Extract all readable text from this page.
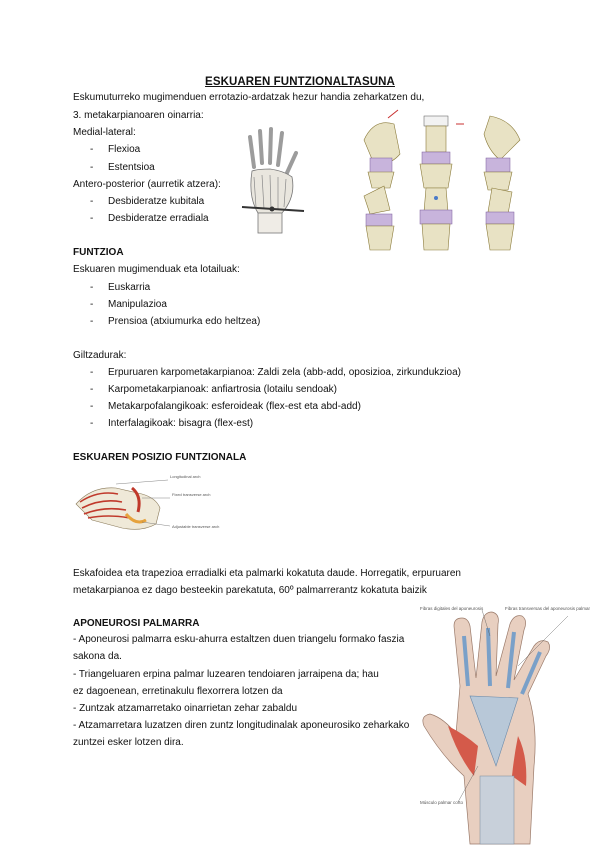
ESKUAREN FUNTZIONALTASUNA
Eskumuturreko mugimenduen errotazio-ardatzak hezur handia zeharkatzen du,
3. metakarpianoaren oinarria:
Medial-lateral:
- Flexioa
- Estentsioa
Antero-posterior (aurretik atzera):
- Desbideratze kubitala
- Desbideratze erradiala
FUNTZIOA
Eskuaren mugimenduak eta lotailuak:
- Euskarria
- Manipulazioa
- Prensioa (atxiumurka edo heltzea)
Giltzadurak:
- Erpuruaren karpometakarpianoa: Zaldi zela (abb-add, oposizioa, zirkundukzioa)
- Karpometakarpianoak: anfiartrosia (lotailu sendoak)
- Metakarpofalangikoak: esferoideak (flex-est eta abd-add)
- Interfalagikoak: bisagra (flex-est)
ESKUAREN POSIZIO FUNTZIONALA
Longitudinal arch
Fixed transverse arch
Adjustable transverse arch
Eskafoidea eta trapezioa erradialki eta palmarki kokatuta daude. Horregatik, erpuruaren
metakarpianoa ez dago besteekin parekatuta, 60º palmarrerantz kokatuta baizik
APONEUROSI PALMARRA
- Aponeurosi palmarra esku-ahurra estaltzen duen triangelu formako faszia
sakona da.
- Triangeluaren erpina palmar luzearen tendoiaren jarraipena da; hau
ez dagoenean, erretinakulu flexorrera lotzen da
- Zuntzak atzamarretako oinarrietan zehar zabaldu
- Atzamarretara luzatzen diren zuntz longitudinalak aponeurosiko zeharkako
zuntzei esker lotzen dira.
Fibras digitales del aponeurosis	Fibras transversas del aponeurosis palmar
Músculo palmar corto
